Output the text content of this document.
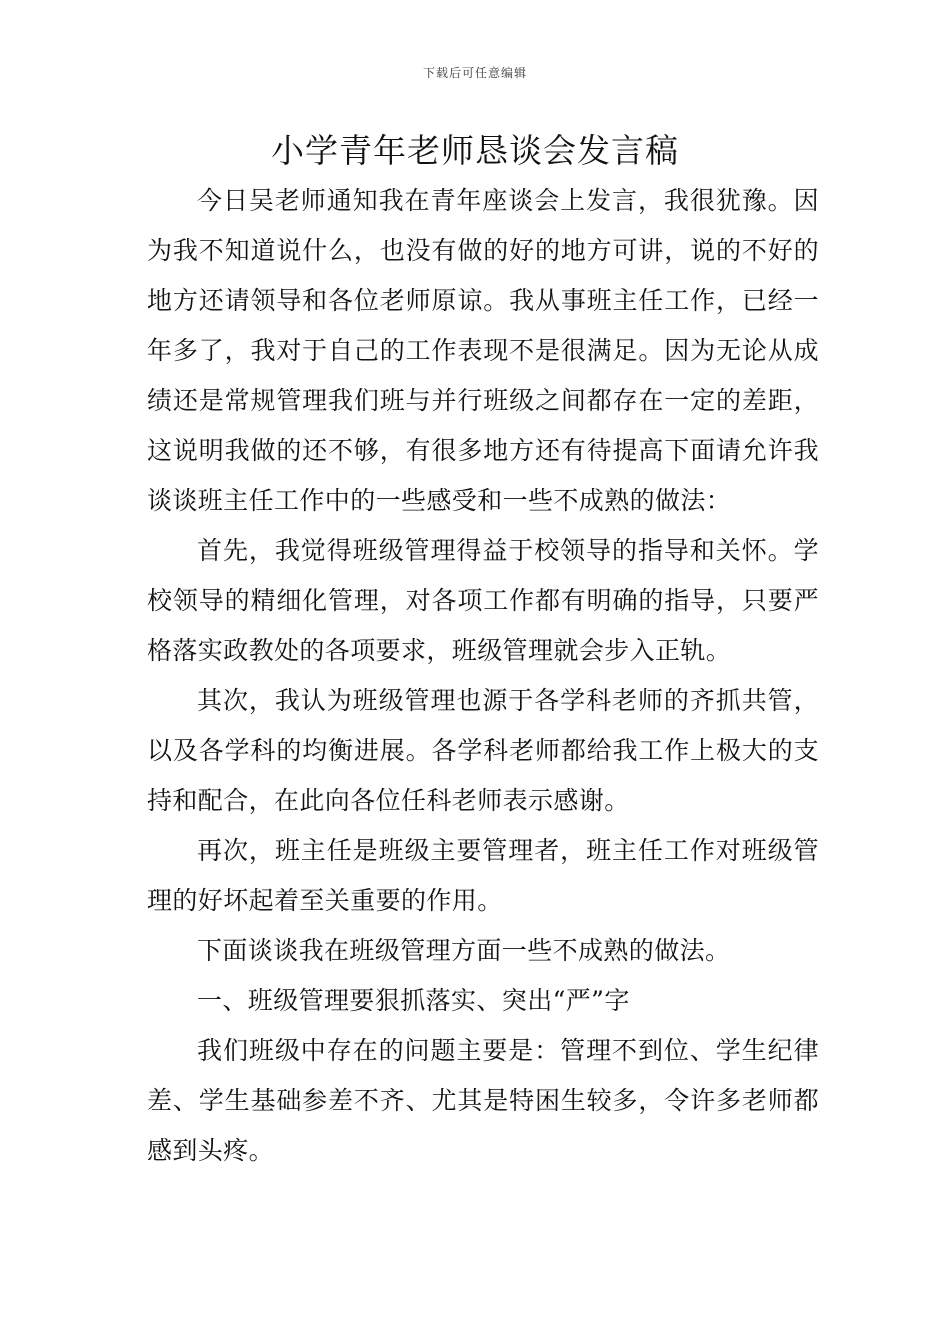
下载后可任意编辑
小学青年老师恳谈会发言稿

今日吴老师通知我在青年座谈会上发言，我很犹豫。因为我不知道说什么，也没有做的好的地方可讲，说的不好的地方还请领导和各位老师原谅。我从事班主任工作，已经一年多了，我对于自己的工作表现不是很满足。因为无论从成绩还是常规管理我们班与并行班级之间都存在一定的差距，这说明我做的还不够，有很多地方还有待提高下面请允许我谈谈班主任工作中的一些感受和一些不成熟的做法：

首先，我觉得班级管理得益于校领导的指导和关怀。学校领导的精细化管理，对各项工作都有明确的指导，只要严格落实政教处的各项要求，班级管理就会步入正轨。

其次，我认为班级管理也源于各学科老师的齐抓共管，以及各学科的均衡进展。各学科老师都给我工作上极大的支持和配合，在此向各位任科老师表示感谢。

再次，班主任是班级主要管理者，班主任工作对班级管理的好坏起着至关重要的作用。

下面谈谈我在班级管理方面一些不成熟的做法。

一、班级管理要狠抓落实、突出“严”字

我们班级中存在的问题主要是：管理不到位、学生纪律差、学生基础参差不齐、尤其是特困生较多，令许多老师都感到头疼。
